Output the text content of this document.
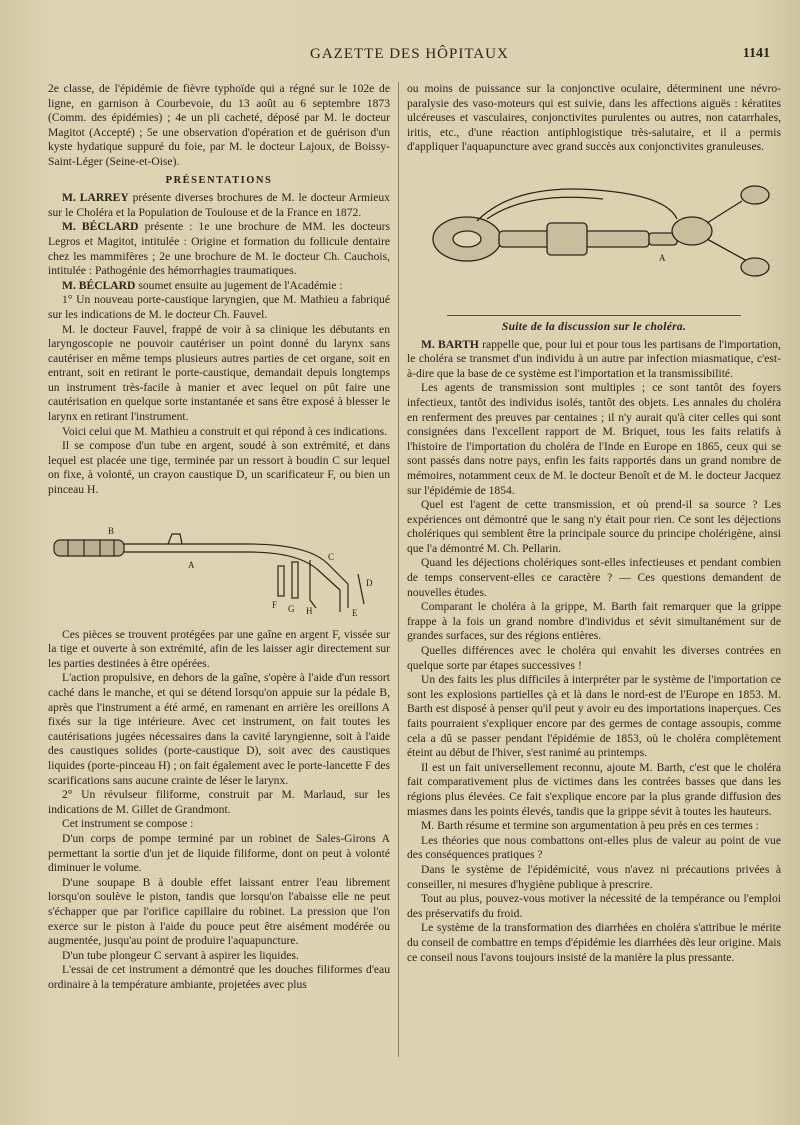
GAZETTE DES HÔPITAUX	1141

2e classe, de l'épidémie de fièvre typhoïde qui a régné sur le 102e de ligne, en garnison à Courbevoie, du 13 août au 6 septembre 1873 (Comm. des épidémies) ; 4e un pli cacheté, déposé par M. le docteur Magitot (Accepté) ; 5e une observation d'opération et de guérison d'un kyste hydatique suppuré du foie, par M. le docteur Lajoux, de Boissy-Saint-Léger (Seine-et-Oise).

PRÉSENTATIONS

M. LARREY présente diverses brochures de M. le docteur Armieux sur le Choléra et la Population de Toulouse et de la France en 1872.

M. BÉCLARD présente : 1e une brochure de MM. les docteurs Legros et Magitot, intitulée : Origine et formation du follicule dentaire chez les mammifères ; 2e une brochure de M. le docteur Ch. Cauchois, intitulée : Pathogénie des hémorrhagies traumatiques.

M. BÉCLARD soumet ensuite au jugement de l'Académie :

1° Un nouveau porte-caustique laryngien, que M. Mathieu a fabriqué sur les indications de M. le docteur Ch. Fauvel.

M. le docteur Fauvel, frappé de voir à sa clinique les débutants en laryngoscopie ne pouvoir cautériser un point donné du larynx sans cautériser en même temps plusieurs autres parties de cet organe, soit en entrant, soit en retirant le porte-caustique, demandait depuis longtemps un instrument très-facile à manier et avec lequel on pût faire une cautérisation en quelque sorte instantanée et sans être exposé à blesser le larynx en retirant l'instrument.

Voici celui que M. Mathieu a construit et qui répond à ces indications.

Il se compose d'un tube en argent, soudé à son extrémité, et dans lequel est placée une tige, terminée par un ressort à boudin C sur lequel on fixe, à volonté, un crayon caustique D, un scarificateur F, ou bien un pinceau H.

B
A
C
D
E
F G H

Ces pièces se trouvent protégées par une gaîne en argent F, vissée sur la tige et ouverte à son extrémité, afin de les laisser agir directement sur les parties destinées à être opérées.

L'action propulsive, en dehors de la gaîne, s'opère à l'aide d'un ressort caché dans le manche, et qui se détend lorsqu'on appuie sur la pédale B, après que l'instrument a été armé, en ramenant en arrière les oreillons A fixés sur la tige intérieure. Avec cet instrument, on fait toutes les cautérisations jugées nécessaires dans la cavité laryngienne, soit à l'aide des caustiques solides (porte-caustique D), soit avec des caustiques liquides (porte-pinceau H) ; on fait également avec le porte-lancette F des scarifications sans aucune crainte de léser le larynx.

2° Un révulseur filiforme, construit par M. Marlaud, sur les indications de M. Gillet de Grandmont.

Cet instrument se compose :

D'un corps de pompe terminé par un robinet de Sales-Girons A permettant la sortie d'un jet de liquide filiforme, dont on peut à volonté diminuer le volume.

D'une soupape B à double effet laissant entrer l'eau librement lorsqu'on soulève le piston, tandis que lorsqu'on l'abaisse elle ne peut s'échapper que par l'orifice capillaire du robinet. La pression que l'on exerce sur le piston à l'aide du pouce peut être aisément modérée ou augmentée, jusqu'au point de produire l'aquapuncture.

D'un tube plongeur C servant à aspirer les liquides.

L'essai de cet instrument a démontré que les douches filiformes d'eau ordinaire à la température ambiante, projetées avec plus

ou moins de puissance sur la conjonctive oculaire, déterminent une névro-paralysie des vaso-moteurs qui est suivie, dans les affections aiguës : kératites ulcéreuses et vasculaires, conjonctivites purulentes ou autres, non catarrhales, iritis, etc., d'une réaction antiphlogistique très-salutaire, et il a permis d'appliquer l'aquapuncture avec grand succès aux conjonctivites granuleuses.

A

Suite de la discussion sur le choléra.

M. BARTH rappelle que, pour lui et pour tous les partisans de l'importation, le choléra se transmet d'un individu à un autre par infection miasmatique, c'est-à-dire que la base de ce système est l'importation et la transmissibilité.

Les agents de transmission sont multiples ; ce sont tantôt des foyers infectieux, tantôt des individus isolés, tantôt des objets. Les annales du choléra en renferment des preuves par centaines ; il n'y aurait qu'à citer celles qui sont consignées dans l'excellent rapport de M. Briquet, tous les faits relatifs à l'histoire de l'importation du choléra de l'Inde en Europe en 1865, ceux qui se sont passés dans notre pays, enfin les faits rapportés dans un grand nombre de mémoires, notamment ceux de M. le docteur Benoît et de M. le docteur Jacquez sur l'épidémie de 1854.

Quel est l'agent de cette transmission, et où prend-il sa source ? Les expériences ont démontré que le sang n'y était pour rien. Ce sont les déjections cholériques qui semblent être la principale source du principe cholérigène, ainsi que l'a démontré M. Ch. Pellarin.

Quand les déjections cholériques sont-elles infectieuses et pendant combien de temps conservent-elles ce caractère ? — Ces questions demandent de nouvelles études.

Comparant le choléra à la grippe, M. Barth fait remarquer que la grippe frappe à la fois un grand nombre d'individus et sévit simultanément sur de grandes surfaces, sur des régions entières.

Quelles différences avec le choléra qui envahit les diverses contrées en quelque sorte par étapes successives !

Un des faits les plus difficiles à interpréter par le système de l'importation ce sont les explosions partielles çà et là dans le nord-est de l'Europe en 1853. M. Barth est disposé à penser qu'il peut y avoir eu des importations inaperçues. Ces faits pourraient s'expliquer encore par des germes de contage assoupis, comme cela a dû se passer pendant l'épidémie de 1853, où le choléra complètement éteint au début de l'hiver, s'est ranimé au printemps.

Il est un fait universellement reconnu, ajoute M. Barth, c'est que le choléra fait comparativement plus de victimes dans les contrées basses que dans les régions plus élevées. Ce fait s'explique encore par la plus grande diffusion des miasmes dans les points élevés, tandis que la grippe sévit à toutes les hauteurs.

M. Barth résume et termine son argumentation à peu près en ces termes :

Les théories que nous combattons ont-elles plus de valeur au point de vue des conséquences pratiques ?

Dans le système de l'épidémicité, vous n'avez ni précautions privées à conseiller, ni mesures d'hygiène publique à prescrire.

Tout au plus, pouvez-vous motiver la nécessité de la tempérance ou l'emploi des préservatifs du froid.

Le système de la transformation des diarrhées en choléra s'attribue le mérite du conseil de combattre en temps d'épidémie les diarrhées dès leur origine. Mais ce conseil nous l'avons toujours insisté de la manière la plus pressante.
